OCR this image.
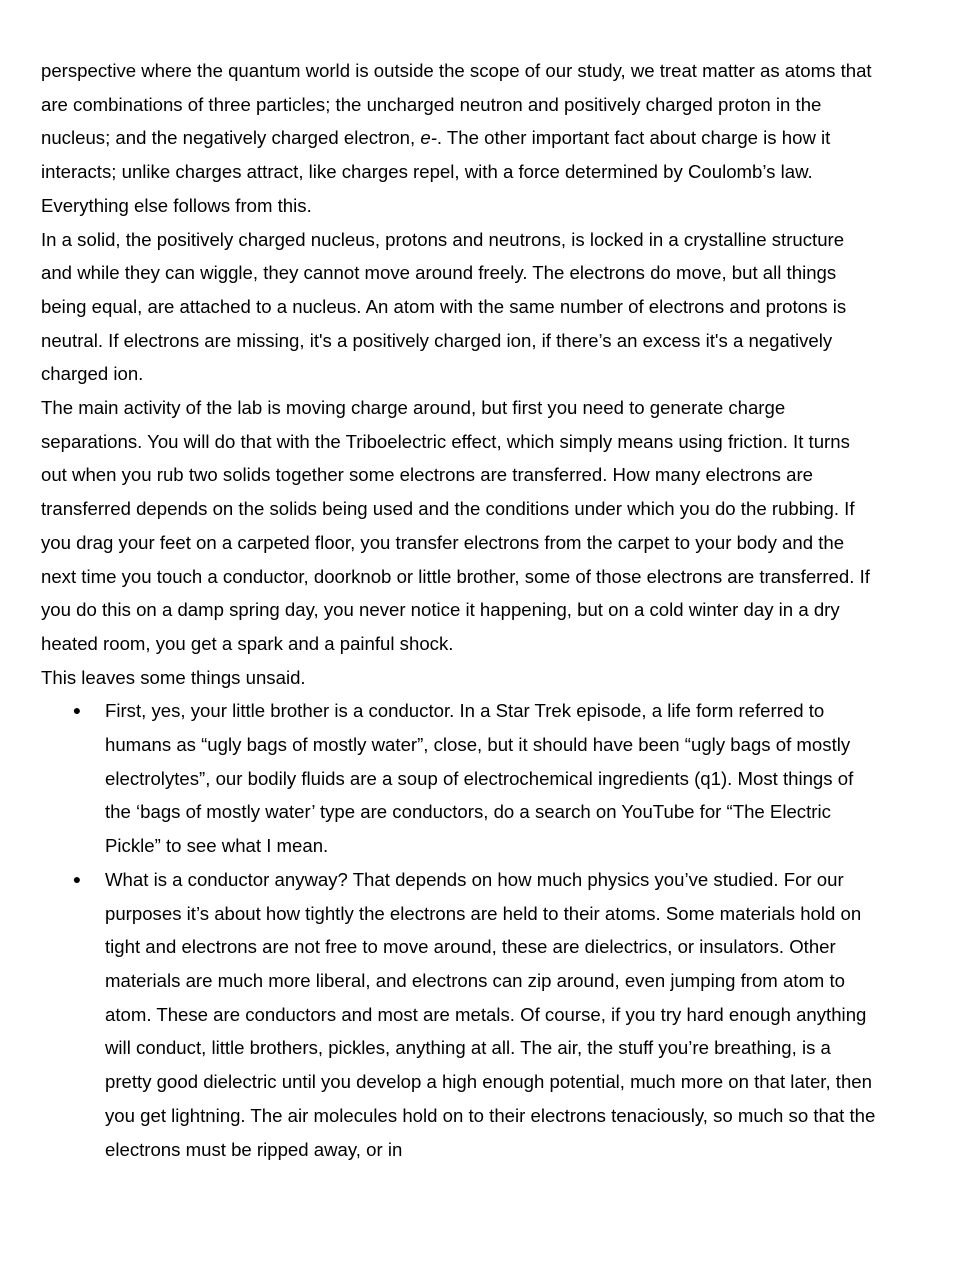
perspective where the quantum world is outside the scope of our study, we treat matter as atoms that are combinations of three particles; the uncharged neutron and positively charged proton in the nucleus; and the negatively charged electron, e-. The other important fact about charge is how it interacts; unlike charges attract, like charges repel, with a force determined by Coulomb’s law. Everything else follows from this.

In a solid, the positively charged nucleus, protons and neutrons, is locked in a crystalline structure and while they can wiggle, they cannot move around freely. The electrons do move, but all things being equal, are attached to a nucleus. An atom with the same number of electrons and protons is neutral. If electrons are missing, it's a positively charged ion, if there’s an excess it's a negatively charged ion.

The main activity of the lab is moving charge around, but first you need to generate charge separations. You will do that with the Triboelectric effect, which simply means using friction. It turns out when you rub two solids together some electrons are transferred. How many electrons are transferred depends on the solids being used and the conditions under which you do the rubbing. If you drag your feet on a carpeted floor, you transfer electrons from the carpet to your body and the next time you touch a conductor, doorknob or little brother, some of those electrons are transferred. If you do this on a damp spring day, you never notice it happening, but on a cold winter day in a dry heated room, you get a spark and a painful shock.

This leaves some things unsaid.

● First, yes, your little brother is a conductor. In a Star Trek episode, a life form referred to humans as “ugly bags of mostly water”, close, but it should have been “ugly bags of mostly electrolytes”, our bodily fluids are a soup of electrochemical ingredients (q1). Most things of the ‘bags of mostly water’ type are conductors, do a search on YouTube for “The Electric Pickle” to see what I mean.
● What is a conductor anyway? That depends on how much physics you’ve studied. For our purposes it’s about how tightly the electrons are held to their atoms. Some materials hold on tight and electrons are not free to move around, these are dielectrics, or insulators. Other materials are much more liberal, and electrons can zip around, even jumping from atom to atom. These are conductors and most are metals. Of course, if you try hard enough anything will conduct, little brothers, pickles, anything at all. The air, the stuff you’re breathing, is a pretty good dielectric until you develop a high enough potential, much more on that later, then you get lightning. The air molecules hold on to their electrons tenaciously, so much so that the electrons must be ripped away, or in
